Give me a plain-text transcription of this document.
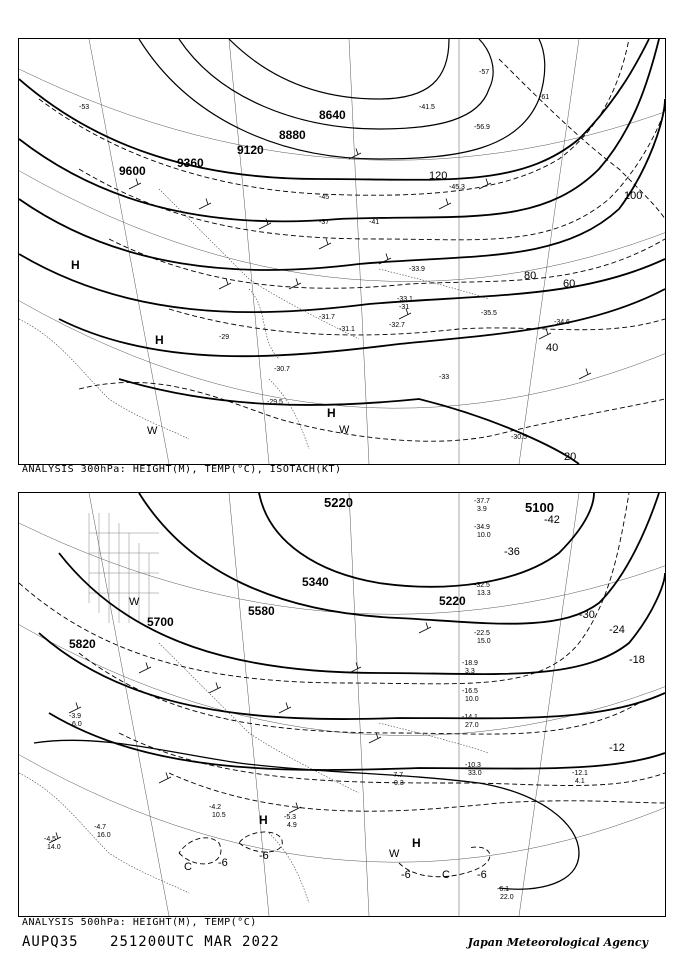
8640
9120
9360
9600
8880
120
100
80
60
40
20
-53
-57
-61
-45
-41
-37
-33
-31
-29
-41.5
-56.9
-45.3
-33.9
-32.7
-35.5
-30.5
-31.7
-30.7
-31.1
-29.5
-33.1
-34.6
H
H
H
W	W
ANALYSIS 300hPa: HEIGHT(M), TEMP(°C), ISOTACH(KT)
5220	5100
5340
5220
5580
5700
5820
-30
-24
-18
-12
-6
-6
-6	-6
-36
-42
-37.7
3.9
-34.9
10.0
-32.5
13.3
-22.5
15.0
-18.9
3.3
-16.5
10.0
-14.1
27.0
-10.3
33.0	-12.1
4.1
-7.7
0.3
-6.1
22.0
-5.3
4.9
-4.2
10.5
-4.7
16.0
-3.9
6.0
-4.5
14.0
H
H
W
W
C
C
ANALYSIS 500hPa: HEIGHT(M), TEMP(°C)
AUPQ35 251200UTC MAR 2022	Japan Meteorological Agency
